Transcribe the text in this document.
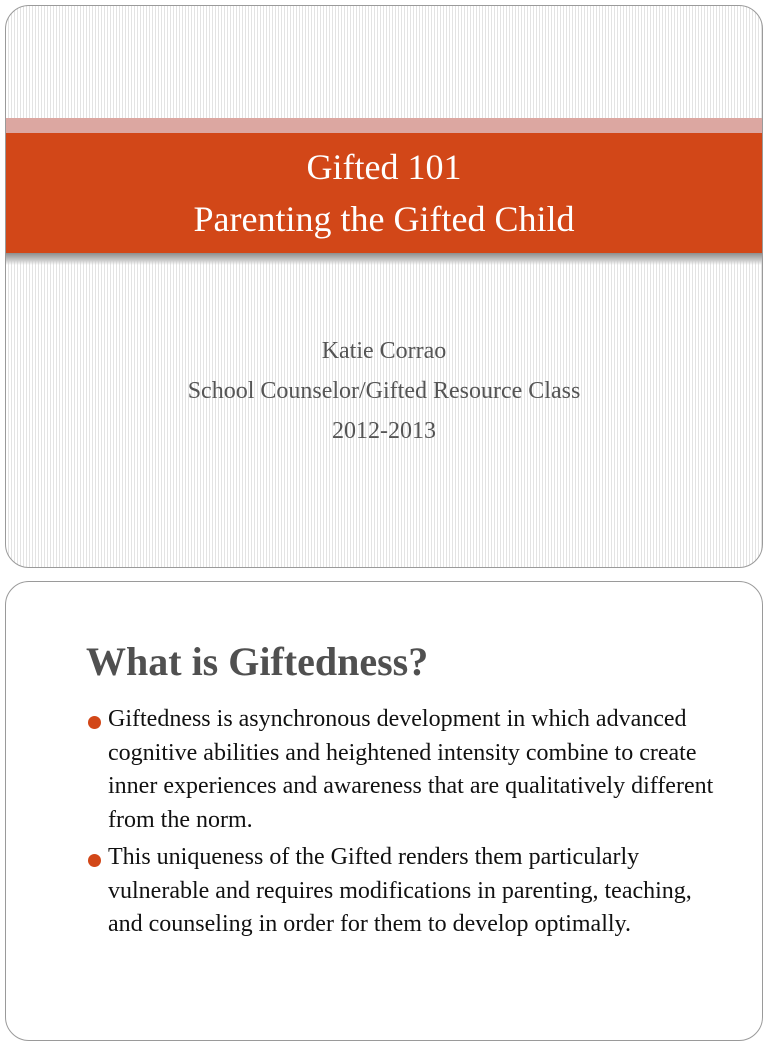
Gifted 101
Parenting the Gifted Child
Katie Corrao
School Counselor/Gifted Resource Class
2012-2013
What is Giftedness?
Giftedness is asynchronous development in which advanced cognitive abilities and heightened intensity combine to create inner experiences and awareness that are qualitatively different from the norm.
This uniqueness of the Gifted renders them particularly vulnerable and requires modifications in parenting, teaching, and counseling in order for them to develop optimally.
